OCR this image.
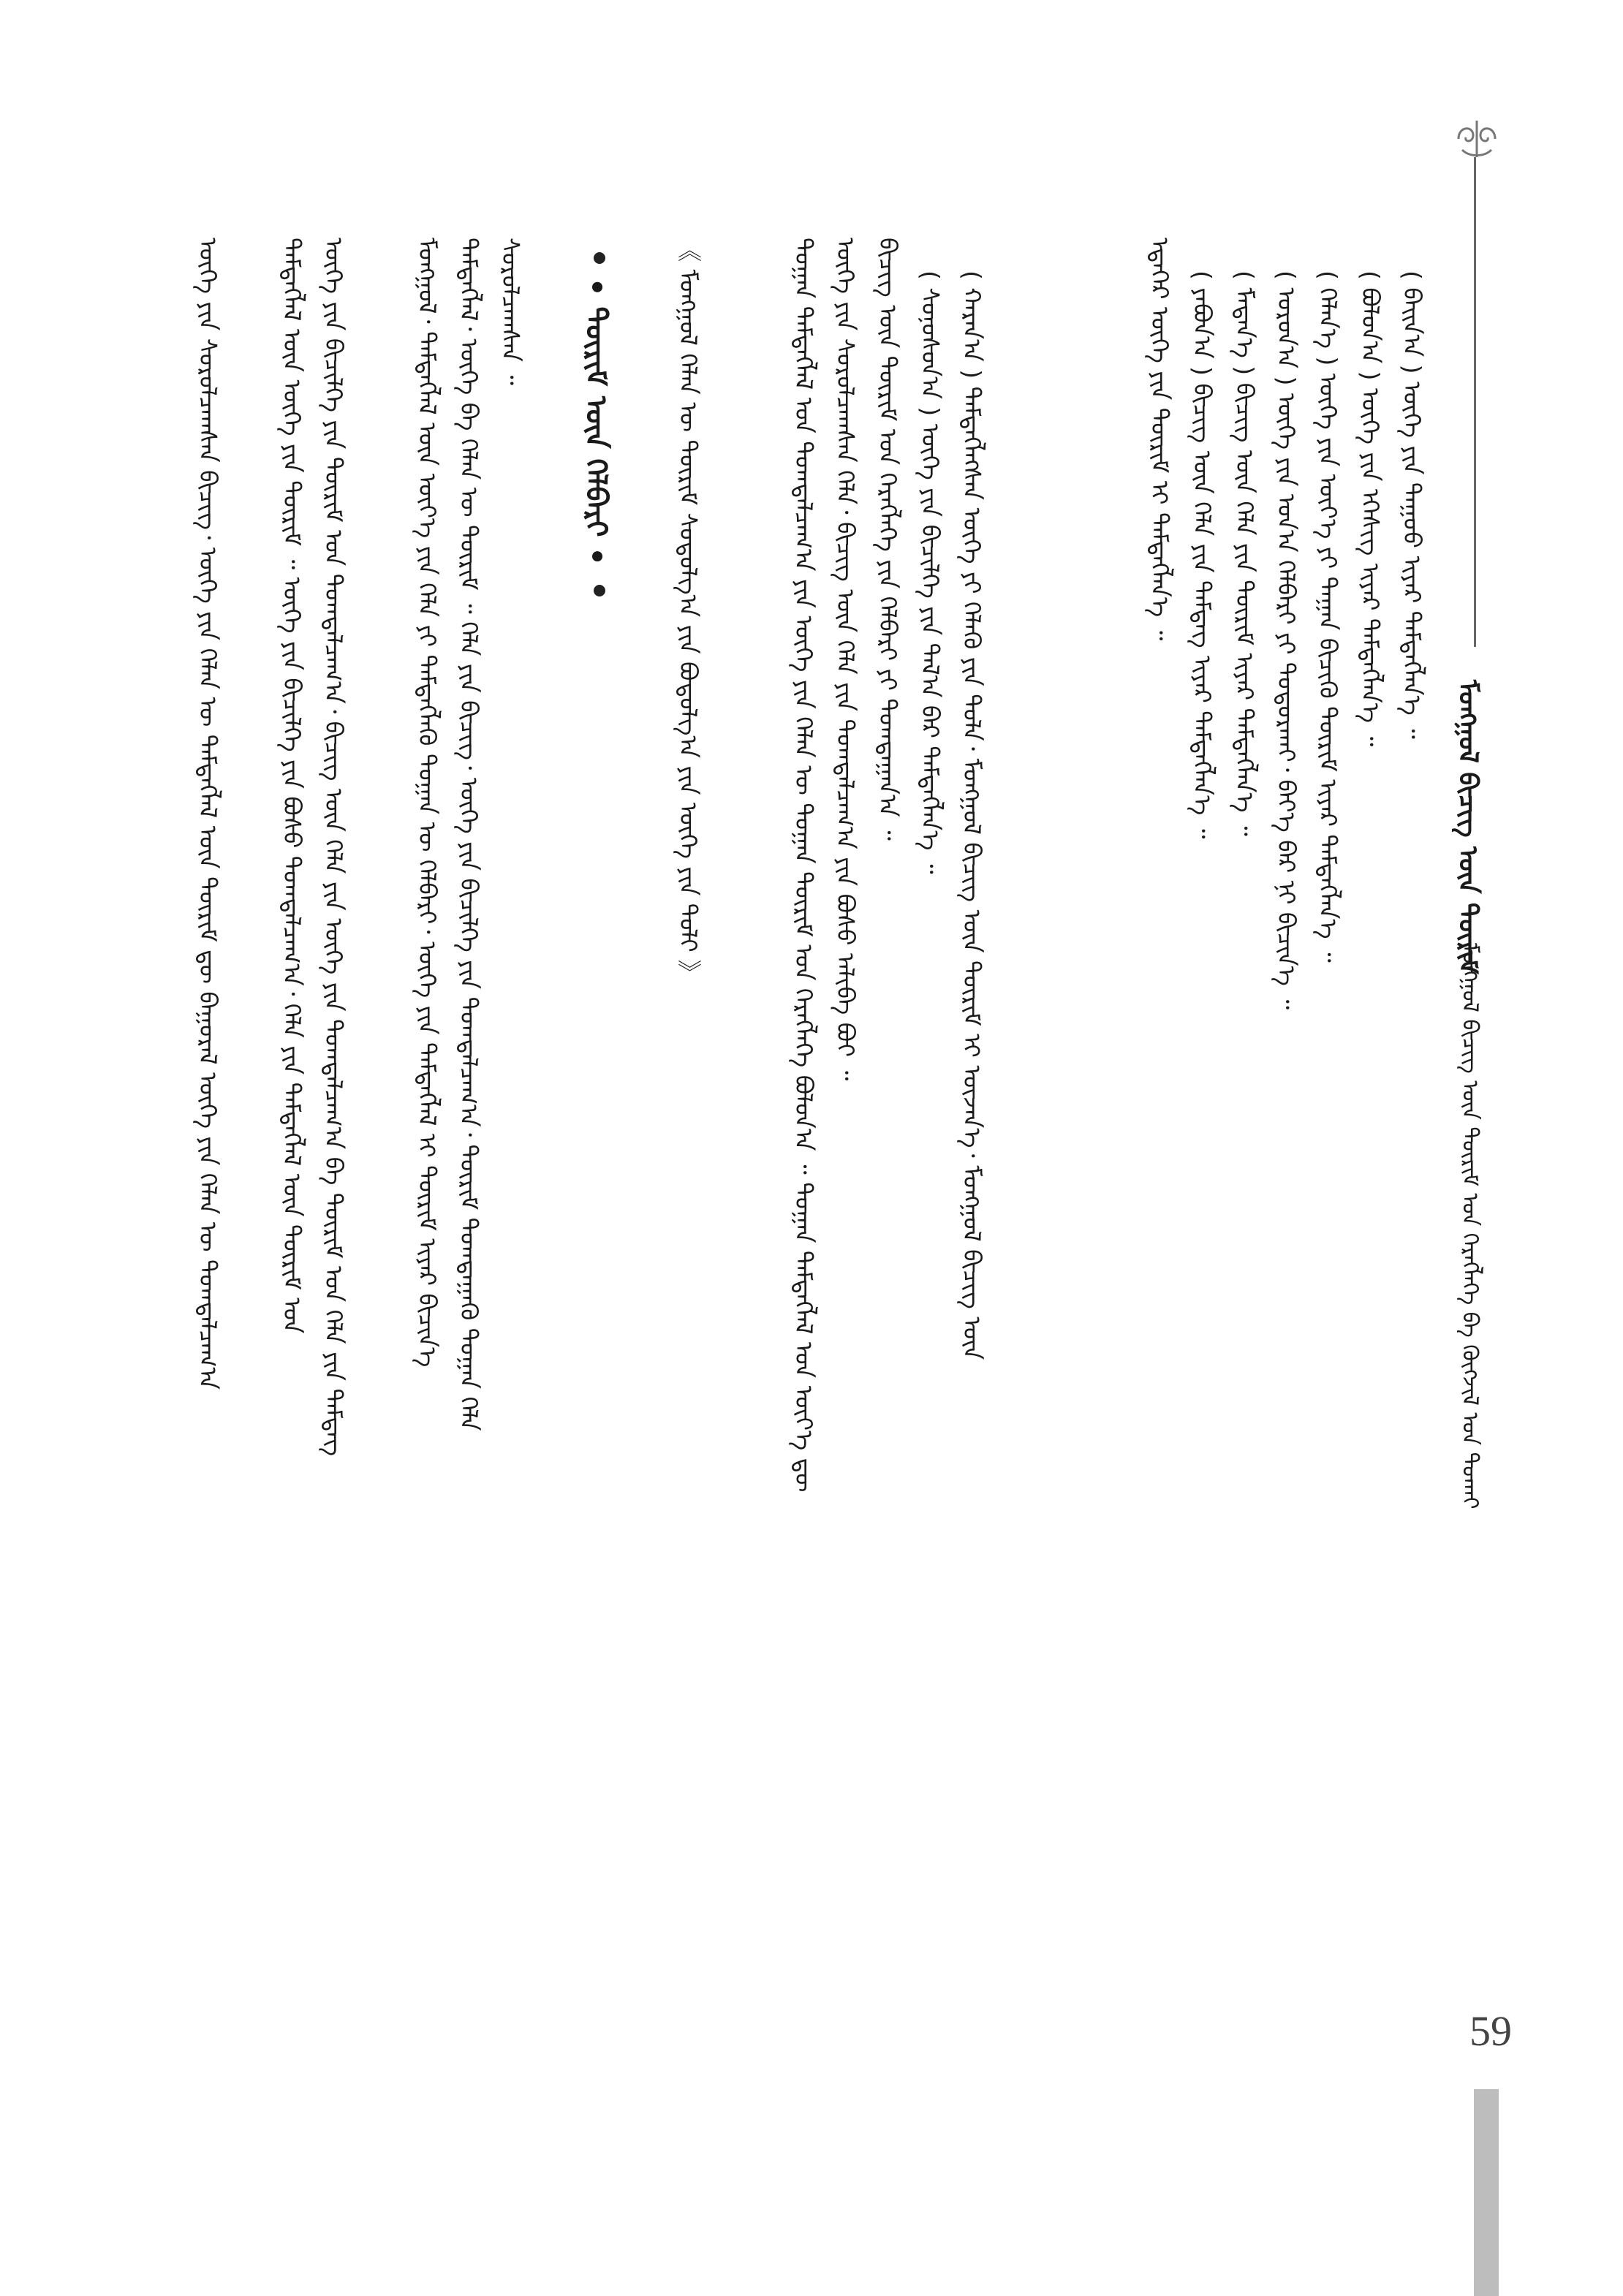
ᠮᠣᠩᠭᠣᠯ ᠪᠢᠴᠢᠭ ᠦᠨ ᠳᠦᠷᠢᠮ
ᠮᠣᠩᠭᠣᠯ ᠪᠢᠴᠢᠭ ᠦᠨ ᠳᠦᠷᠢᠮ ᠤᠨ ᠬᠡᠷᠡᠭᠯᠡᠭᠡ ᠪᠠ ᠬᠥᠭᠵᠢᠯ ᠤᠨ ᠲᠤᠬᠠᠢ
( ᠪᠠᠢ᠌ᠨ᠎ᠠ ) ᠦᠭᠡ ᠶᠢᠨ ᠳᠠᠭᠤᠤ ᠢᠶᠠᠷ ᠲᠡᠮᠳᠡᠭᠯᠡᠨ᠎ᠡ ᠃
( ᠪᠣᠯᠤᠨ᠎ᠠ ) ᠦᠭᠡ ᠶᠢᠨ ᠡᠭᠡᠰᠢᠭ ᠢᠶᠡᠷ ᠲᠡᠮᠳᠡᠭᠯᠡᠨ᠎ᠡ ᠃
( ᠬᠡᠯᠡᠨ᠎ᠡ ) ᠦᠭᠡ ᠶᠢᠨ ᠦᠶ᠎ᠡ ᠶᠢ ᠳᠠᠭᠠᠨ ᠪᠢᠴᠢᠬᠦ ᠳᠦᠷᠢᠮ ᠢᠶᠡᠷ ᠲᠡᠮᠳᠡᠭᠯᠡᠨ᠎ᠡ ᠃
( ᠣᠷᠣᠨ᠎ᠠ ) ᠦᠭᠡ ᠶᠢᠨ ᠣᠨ᠎ᠠ ᠬᠡᠯᠪᠡᠷᠢ ᠶᠢ ᠲᠣᠳᠣᠷᠬᠠᠢ᠂ ᠪᠡᠶ᠎ᠡ ᠪᠡᠷ ᠨᠢ ᠪᠢᠴᠢᠨ᠎ᠡ ᠃
( ᠮᠡᠳᠡᠨ᠎ᠡ ) ᠪᠢᠴᠢᠭ ᠦᠨ ᠬᠡᠯᠡ ᠶᠢᠨ ᠳᠦᠷᠢᠮ ᠢᠶᠡᠷ ᠲᠡᠮᠳᠡᠭᠯᠡᠨ᠎ᠡ ᠃
( ᠶᠠᠪᠤᠨ᠎ᠠ ) ᠪᠢᠴᠢᠭ ᠦᠨ ᠬᠡᠯᠡ ᠶᠢᠨ ᠲᠡᠮᠳᠡᠭ ᠢᠶᠡᠷ ᠲᠡᠮᠳᠡᠭᠯᠡᠨ᠎ᠡ ᠃
ᠡᠳᠡᠭᠡᠷ ᠦᠭᠡ ᠶᠢᠨ ᠳᠦᠷᠢᠮ ᠢ ᠲᠡᠮᠳᠡᠭᠯᠡᠨ᠎ᠡ ᠃
( ᠬᠠᠷᠠᠨ᠎ᠠ ) ᠲᠡᠮᠳᠡᠭᠯᠡᠭᠰᠡᠨ ᠦᠭᠡ ᠶᠢ ᠬᠡᠯᠡᠬᠦ ᠶᠢᠨ ᠲᠤᠯᠠ᠂ ᠮᠣᠩᠭᠣᠯ ᠪᠢᠴᠢᠭ ᠦᠨ ᠳᠦᠷᠢᠮ ᠢ ᠦᠵᠡᠨ᠎ᠡ᠂ ᠮᠣᠩᠭᠣᠯ ᠪᠢᠴᠢᠭ ᠦᠨ
( ᠰᠣᠨᠣᠰᠤᠨ᠎ᠠ ) ᠦᠭᠡ ᠶᠢᠨ ᠪᠢᠴᠢᠯᠭᠡ ᠶᠢᠨ ᠲᠠᠯ᠎ᠠ ᠪᠠᠷ ᠲᠡᠮᠳᠡᠭᠯᠡᠨ᠎ᠡ ᠃
ᠪᠢᠴᠢᠭ ᠦᠨ ᠳᠦᠷᠢᠮ ᠤᠨ ᠬᠡᠷᠡᠭᠯᠡᠭᠡ ᠶᠢᠨ ᠬᠡᠯᠪᠡᠷᠢ ᠶᠢ ᠲᠣᠭᠲᠠᠭᠠᠨ᠎ᠠ ᠃
ᠦᠭᠡ ᠶᠢᠨ ᠰᠤᠷᠤᠯᠴᠠᠭᠰᠠᠨ ᠬᠡᠯᠡ᠂ ᠪᠢᠴᠢᠭ ᠦᠨ ᠬᠡᠯᠡ ᠶᠢᠨ ᠲᠣᠭᠲᠠᠯᠴᠠᠭ᠎ᠠ ᠶᠢᠨ ᠪᠤᠰᠤ ᠠᠯᠢᠪᠠ ᠪᠤᠢ ᠃
ᠲᠣᠭᠠᠨ ᠲᠡᠮᠳᠡᠭᠯᠡᠯ ᠤᠨ ᠲᠣᠭᠲᠠᠯᠴᠠᠭ᠎ᠠ ᠶᠢᠨ ᠦᠭᠡ ᠶᠢᠨ ᠬᠡᠯᠡᠨ ᠦ ᠲᠣᠭᠠᠨ ᠳᠦᠷᠢᠮ ᠤᠨ ᠬᠡᠷᠡᠭᠯᠡᠭᠡ ᠪᠣᠯᠤᠨ᠎ᠠ ᠃ ᠲᠣᠭᠠᠨ ᠲᠡᠮᠳᠡᠭᠯᠡᠯ ᠤᠨ ᠦᠶ᠎ᠡ ᠳᠦ
《 ᠮᠣᠩᠭᠣᠯ ᠬᠡᠯᠡᠨ ᠦ ᠳᠦᠷᠢᠮ ᠰᠤᠳᠤᠯᠭ᠎ᠠ ᠶᠢᠨ ᠪᠣᠳᠤᠯᠭ᠎ᠠ ᠶᠢᠨ ᠦᠭᠡ ᠶᠢᠨ ᠲᠣᠯᠢ 》
• ᠳᠦᠷᠢᠮ ᠦᠨ ᠬᠡᠯᠪᠡᠷᠢ •
ᠰᠤᠷᠤᠯᠴᠠᠭᠰᠠᠨ ᠃
ᠲᠡᠮᠳᠡᠭᠯᠡᠯ᠂ ᠦᠭᠡ ᠪᠠ ᠬᠡᠯᠡᠨ ᠦ ᠳᠦᠷᠢᠮ ᠃ ᠬᠡᠯᠡ ᠶᠢᠨ ᠪᠢᠴᠢᠭ᠂ ᠦᠭᠡ ᠶᠢᠨ ᠪᠢᠴᠢᠯᠭᠡ ᠶᠢᠨ ᠲᠣᠭᠲᠠᠯᠴᠠᠭ᠎ᠠ᠂ ᠳᠦᠷᠢᠮ ᠲᠣᠭᠲᠠᠭᠠᠬᠦ ᠲᠣᠭᠠᠨ ᠬᠡᠯᠡ
ᠮᠣᠩᠭᠣᠯ᠂ ᠲᠡᠮᠳᠡᠭᠯᠡᠯ ᠦᠨ ᠦᠶ᠎ᠡ ᠶᠢᠨ ᠬᠡᠯᠡ ᠶᠢ ᠲᠡᠮᠳᠡᠭᠯᠡᠬᠦ ᠲᠣᠭᠠᠨ ᠦ ᠬᠡᠯᠪᠡᠷᠢ᠂ ᠦᠭᠡ ᠶᠢᠨ ᠲᠡᠮᠳᠡᠭᠯᠡᠯ ᠢ ᠳᠦᠷᠢᠮ ᠢᠶᠡᠷ ᠪᠢᠴᠢᠨ᠎ᠡ
ᠦᠭᠡ ᠶᠢᠨ ᠪᠢᠴᠢᠯᠭᠡ ᠶᠢᠨ ᠳᠦᠷᠢᠮ ᠤᠨ ᠲᠣᠭᠲᠠᠯᠴᠠᠭ᠎ᠠ᠂ ᠪᠢᠴᠢᠭ ᠦᠨ ᠬᠡᠯᠡ ᠶᠢᠨ ᠦᠭᠡ ᠶᠢᠨ ᠲᠣᠭᠲᠠᠯᠴᠠᠭ᠎ᠠ ᠪᠠ ᠳᠦᠷᠢᠮ ᠤᠨ ᠬᠡᠯᠡ ᠶᠢᠨ ᠲᠡᠮᠳᠡᠭ
ᠲᠡᠮᠳᠡᠭᠯᠡᠯ ᠦᠨ ᠦᠭᠡ ᠶᠢᠨ ᠳᠦᠷᠢᠮ ᠃ ᠦᠭᠡ ᠶᠢᠨ ᠪᠢᠴᠢᠯᠭᠡ ᠶᠢᠨ ᠪᠤᠰᠤ ᠲᠣᠭᠲᠠᠯᠴᠠᠭ᠎ᠠ᠂ ᠬᠡᠯᠡ ᠶᠢᠨ ᠲᠡᠮᠳᠡᠭᠯᠡᠯ ᠦᠨ ᠳᠦᠷᠢᠮ ᠤᠨ
ᠦᠭᠡ ᠶᠢᠨ ᠰᠤᠷᠤᠯᠴᠠᠭᠰᠠᠨ ᠪᠢᠴᠢᠭ᠂ ᠦᠭᠡ ᠶᠢᠨ ᠬᠡᠯᠡᠨ ᠦ ᠲᠡᠮᠳᠡᠭᠯᠡᠯ ᠦᠨ ᠳᠦᠷᠢᠮ ᠳᠦ ᠪᠠᠭᠤᠷᠠᠯ ᠦᠭᠡ ᠶᠢᠨ ᠬᠡᠯᠡᠨ ᠦ ᠲᠣᠭᠲᠠᠯᠴᠠᠭ᠎ᠠ
59
